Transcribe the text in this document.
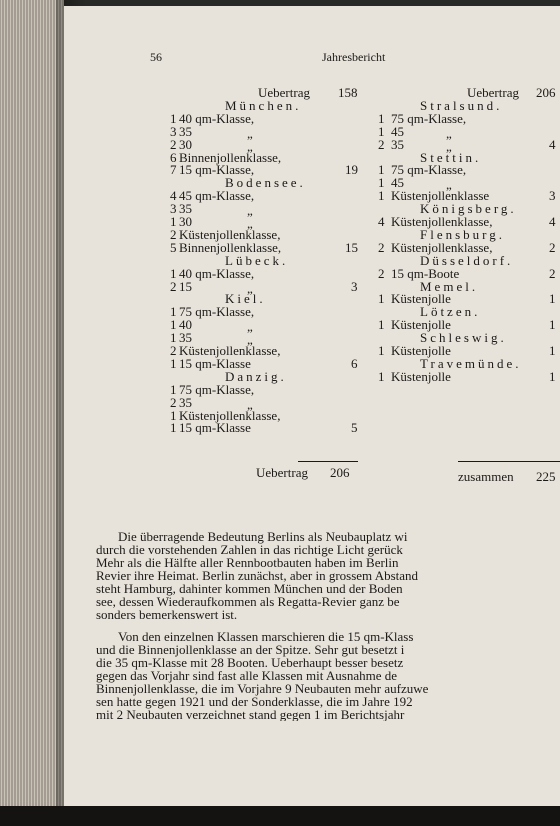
56	Jahresbericht
Uebertrag 158
München.
1 40 qm-Klasse,
3 35	„
2 30	„
6 Binnenjollenklasse,
7 15 qm-Klasse,	19
Bodensee.
4 45 qm-Klasse,
3 35	„
1 30	„
2 Küstenjollenklasse,
5 Binnenjollenklasse,	15
Lübeck.
1 40 qm-Klasse,
2 15	„	3
Kiel.
1 75 qm-Klasse,
1 40	„
1 35	„
2 Küstenjollenklasse,
1 15 qm-Klasse	6
Danzig.
1 75 qm-Klasse,
2 35	„
1 Küstenjollenklasse,
1 15 qm-Klasse	5
Uebertrag 206
Uebertrag 206
Stralsund.
1 75 qm-Klasse,
1 45	„
2 35	„	4
Stettin.
1 75 qm-Klasse,
1 45	„
1 Küstenjollenklasse	3
Königsberg.
4 Küstenjollenklasse,	4
Flensburg.
2 Küstenjollenklasse,	2
Düsseldorf.
2 15 qm-Boote	2
Memel.
1 Küstenjolle	1
Lötzen.
1 Küstenjolle	1
Schleswig.
1 Küstenjolle	1
Travemünde.
1 Küstenjolle	1
zusammen 225
Die überragende Bedeutung Berlins als Neubauplatz wi
durch die vorstehenden Zahlen in das richtige Licht gerück
Mehr als die Hälfte aller Rennbootbauten haben im Berlin
Revier ihre Heimat. Berlin zunächst, aber in grossem Abstand
steht Hamburg, dahinter kommen München und der Boden
see, dessen Wiederaufkommen als Regatta-Revier ganz be
sonders bemerkenswert ist.
Von den einzelnen Klassen marschieren die 15 qm-Klass
und die Binnenjollenklasse an der Spitze. Sehr gut besetzt i
die 35 qm-Klasse mit 28 Booten. Ueberhaupt besser besetz
gegen das Vorjahr sind fast alle Klassen mit Ausnahme de
Binnenjollenklasse, die im Vorjahre 9 Neubauten mehr aufzuwe
sen hatte gegen 1921 und der Sonderklasse, die im Jahre 192
mit 2 Neubauten verzeichnet stand gegen 1 im Berichtsjahr
